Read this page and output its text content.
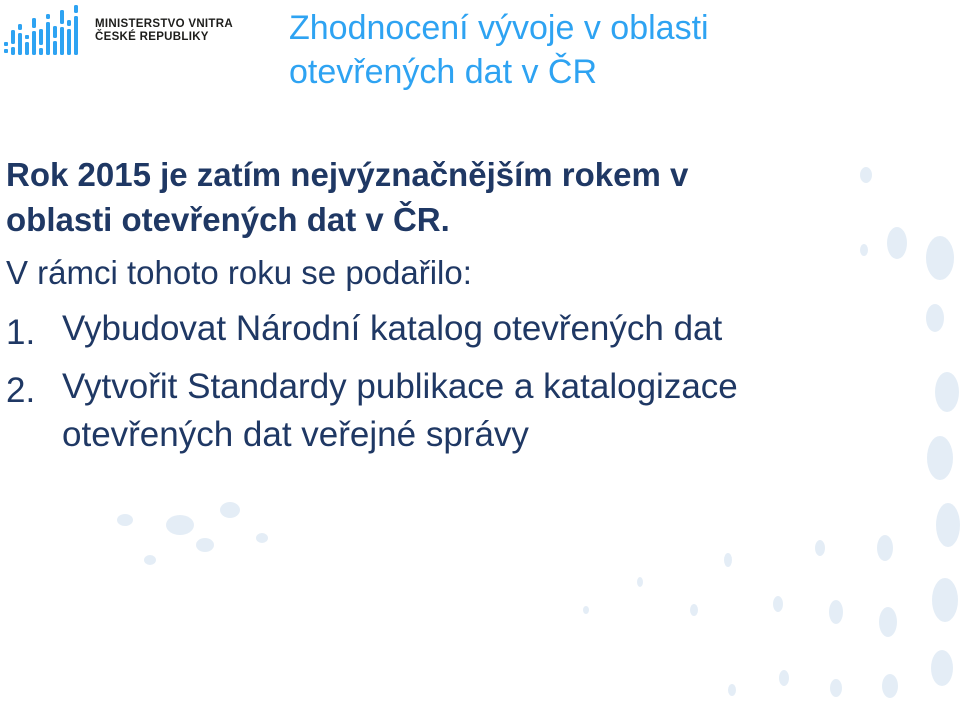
MINISTERSTVO VNITRA
ČESKÉ REPUBLIKY	Zhodnocení vývoje v oblasti
otevřených dat v ČR

Rok 2015 je zatím nejvýznačnějším rokem v
oblasti otevřených dat v ČR.

V rámci tohoto roku se podařilo:

1. Vybudovat Národní katalog otevřených dat
2. Vytvořit Standardy publikace a katalogizace
otevřených dat veřejné správy
